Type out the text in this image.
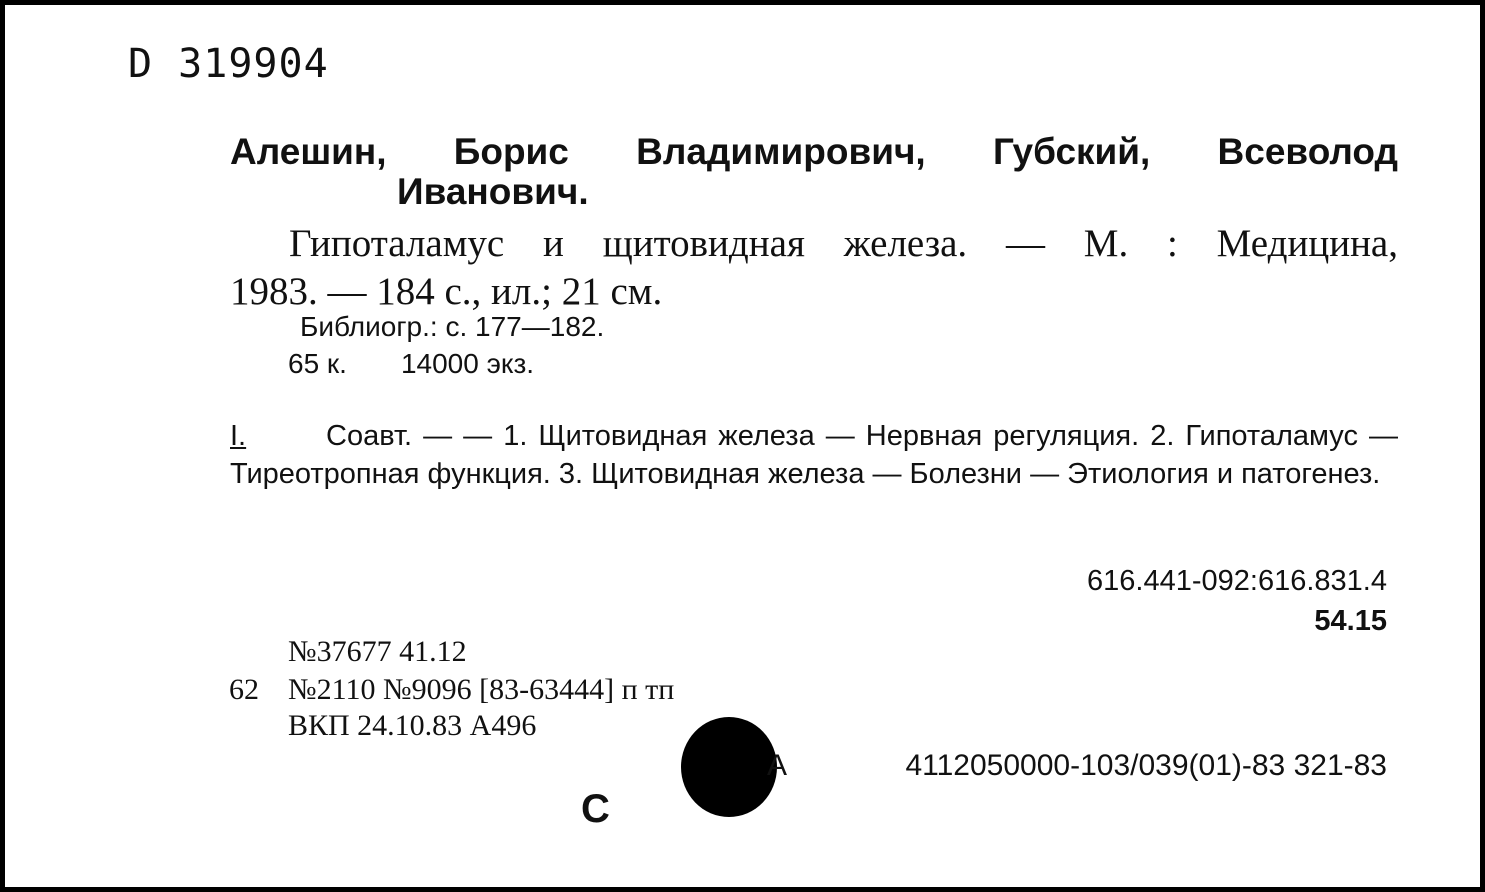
D 319904
Алешин, Борис Владимирович, Губский, Всеволод
Иванович.
Гипоталамус и щитовидная железа. — М. : Медицина,
1983. — 184 с., ил.; 21 см.
Библиогр.: с. 177—182.
65 к. 14000 экз.
I.	Соавт. — — 1. Щитовидная железа — Нервная регуляция. 2. Гипоталамус — Тиреотропная функция. 3. Щитовидная железа — Болезни — Этиология и патогенез.
616.441-092:616.831.4
54.15
№37677 41.12
62 №2110 №9096 [83-63444] п тп
ВКП 24.10.83 А496
А	4112050000-103/039(01)-83 321-83
С
